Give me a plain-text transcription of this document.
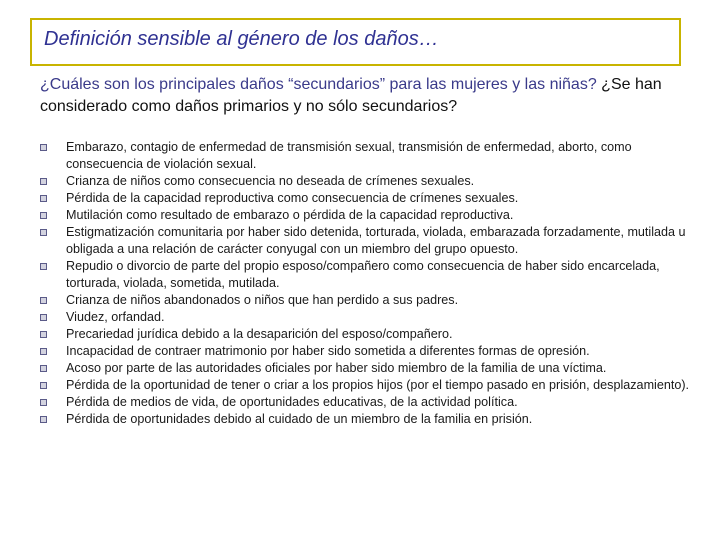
Definición sensible al género de los daños…

¿Cuáles son los principales daños “secundarios” para las mujeres y las niñas? ¿Se han considerado como daños primarios y no sólo secundarios?

Embarazo, contagio de enfermedad de transmisión sexual, transmisión de enfermedad, aborto, como consecuencia de violación sexual.
Crianza de niños como consecuencia no deseada de crímenes sexuales.
Pérdida de la capacidad reproductiva como consecuencia de crímenes sexuales.
Mutilación como resultado de embarazo o pérdida de la capacidad reproductiva.
Estigmatización comunitaria por haber sido detenida, torturada, violada, embarazada forzadamente, mutilada u obligada a una relación de carácter conyugal con un miembro del grupo opuesto.
Repudio o divorcio de parte del propio esposo/compañero como consecuencia de haber sido encarcelada, torturada, violada, sometida, mutilada.
Crianza de niños abandonados o niños que han perdido a sus padres.
Viudez, orfandad.
Precariedad jurídica debido a la desaparición del esposo/compañero.
Incapacidad de contraer matrimonio por haber sido sometida a diferentes formas de opresión.
Acoso por parte de las autoridades oficiales por haber sido miembro de la familia de una víctima.
Pérdida de la oportunidad de tener o criar a los propios hijos (por el tiempo pasado en prisión, desplazamiento).
Pérdida de medios de vida, de oportunidades educativas, de la actividad política.
Pérdida de oportunidades debido al cuidado de un miembro de la familia en prisión.
